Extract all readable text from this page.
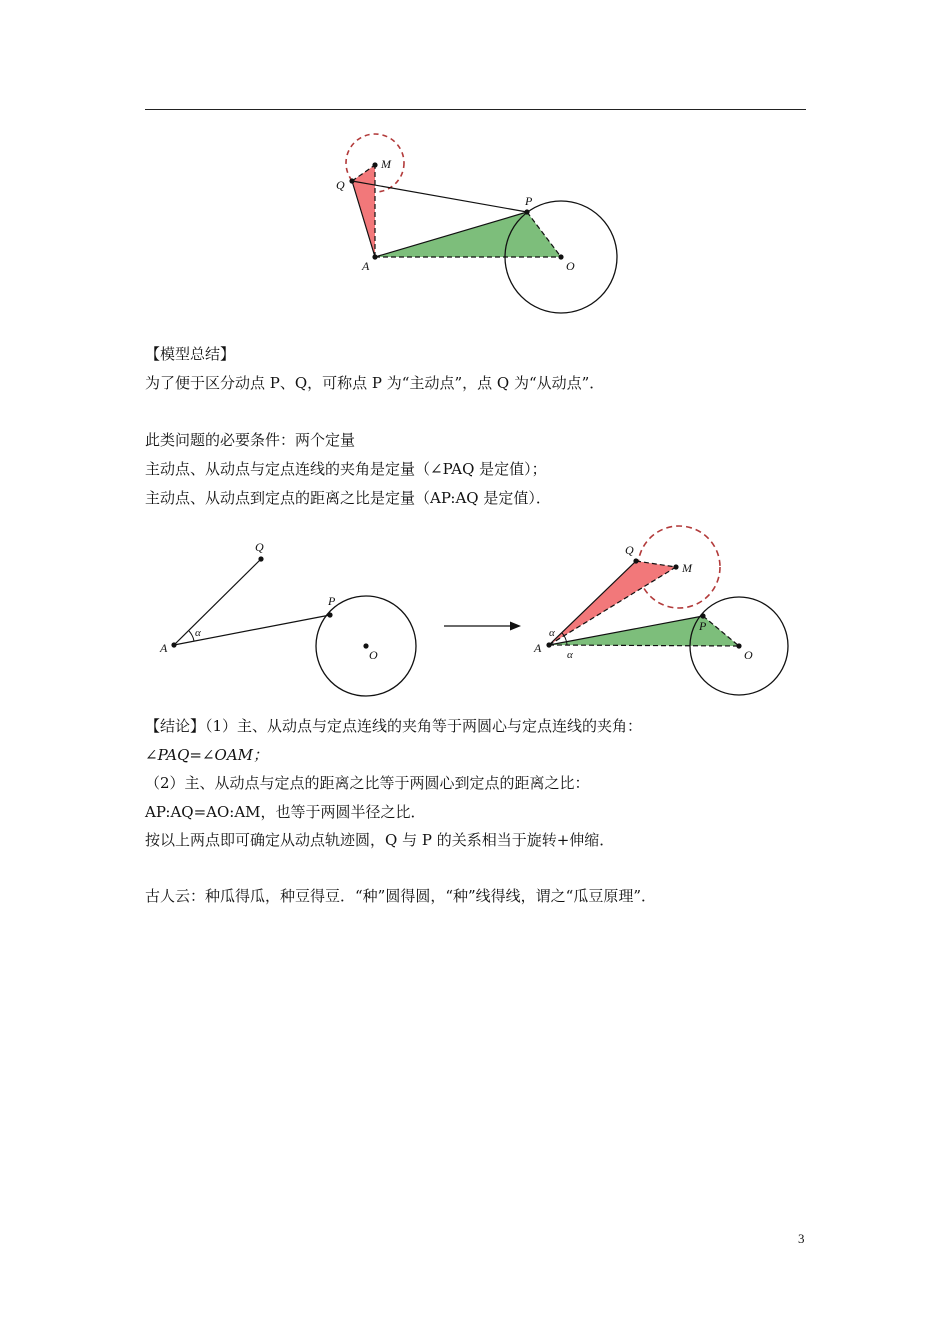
M
Q
P
A	O
Q
P
A	O
α
Q
M
P
A	O
α
α
【模型总结】
为了便于区分动点 P、Q，可称点 P 为“主动点”，点 Q 为“从动点”．
此类问题的必要条件：两个定量
主动点、从动点与定点连线的夹角是定量（∠PAQ 是定值）；
主动点、从动点到定点的距离之比是定量（AP:AQ 是定值）．
【结论】（1）主、从动点与定点连线的夹角等于两圆心与定点连线的夹角：
∠PAQ=∠OAM；
（2）主、从动点与定点的距离之比等于两圆心到定点的距离之比：
AP:AQ=AO:AM，也等于两圆半径之比．
按以上两点即可确定从动点轨迹圆，Q 与 P 的关系相当于旋转+伸缩．
古人云：种瓜得瓜，种豆得豆．“种”圆得圆，“种”线得线，谓之“瓜豆原理”．
3
